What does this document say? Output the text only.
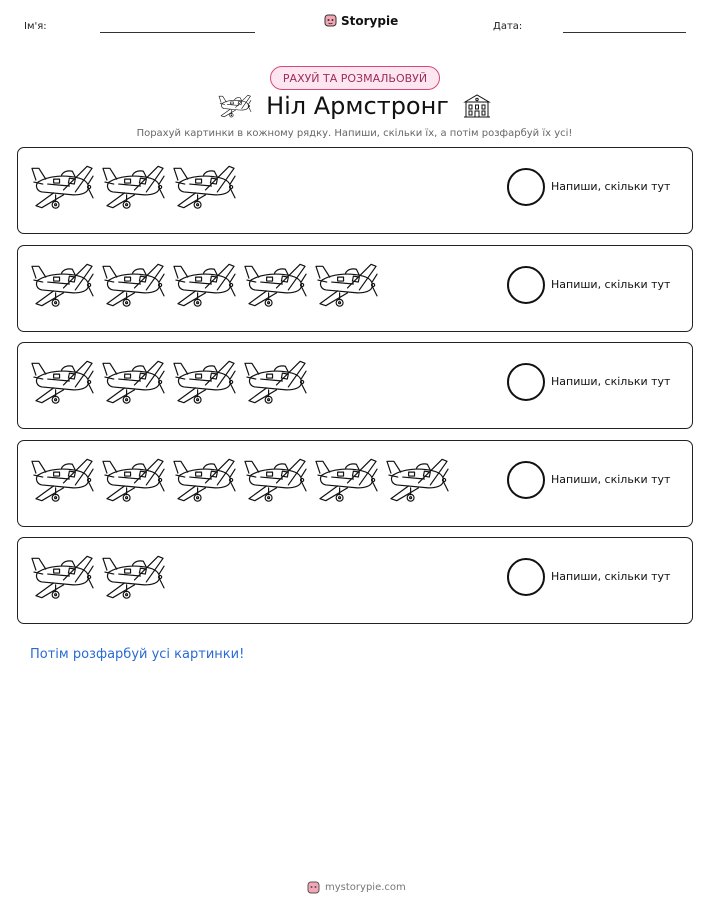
Ім'я:	Storypie	Дата:
РАХУЙ ТА РОЗМАЛЬОВУЙ
Ніл Армстронг
Порахуй картинки в кожному рядку. Напиши, скільки їх, а потім розфарбуй їх усі!
Напиши, скільки тут
Напиши, скільки тут
Напиши, скільки тут
Напиши, скільки тут
Напиши, скільки тут
Потім розфарбуй усі картинки!
mystorypie.com
